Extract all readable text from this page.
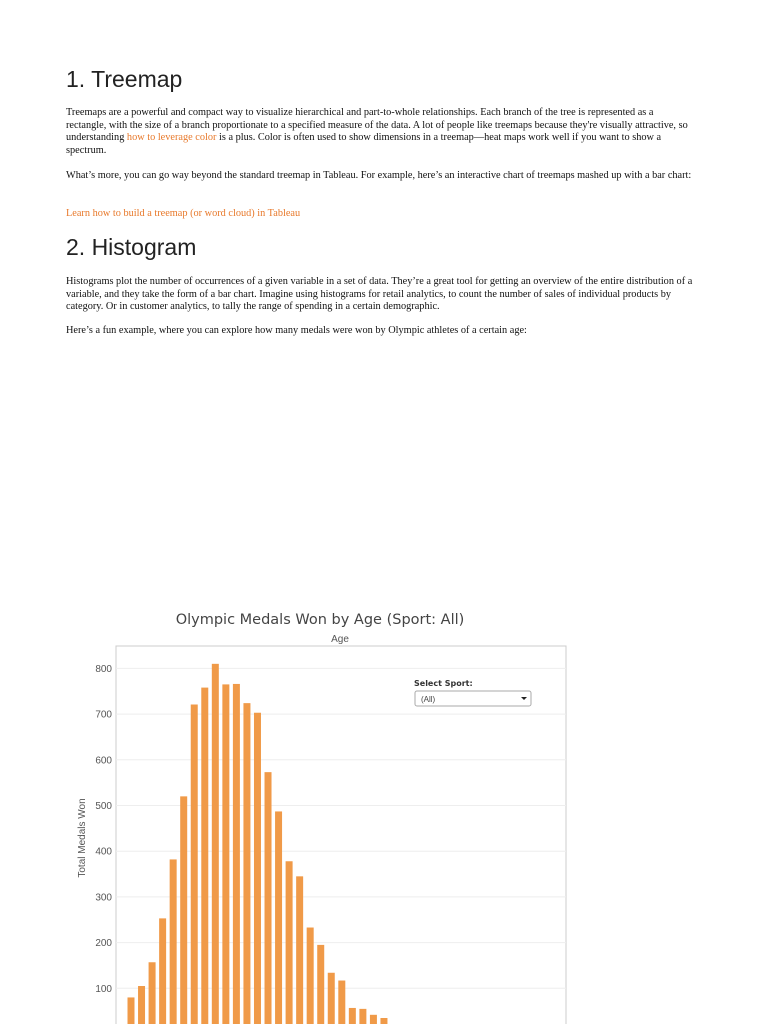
1. Treemap

Treemaps are a powerful and compact way to visualize hierarchical and part-to-whole relationships. Each branch of the tree is represented as a rectangle, with the size of a branch proportionate to a specified measure of the data. A lot of people like treemaps because they're visually attractive, so understanding how to leverage color is a plus. Color is often used to show dimensions in a treemap—heat maps work well if you want to show a spectrum.

What’s more, you can go way beyond the standard treemap in Tableau. For example, here’s an interactive chart of treemaps mashed up with a bar chart:

Learn how to build a treemap (or word cloud) in Tableau

2. Histogram

Histograms plot the number of occurrences of a given variable in a set of data. They’re a great tool for getting an overview of the entire distribution of a variable, and they take the form of a bar chart. Imagine using histograms for retail analytics, to count the number of sales of individual products by category. Or in customer analytics, to tally the range of spending in a certain demographic.

Here’s a fun example, where you can explore how many medals were won by Olympic athletes of a certain age:

Olympic Medals Won by Age (Sport: All)
Age
Total Medals Won
100
200
300
400
500
600
700
800
Select Sport:
(All)
